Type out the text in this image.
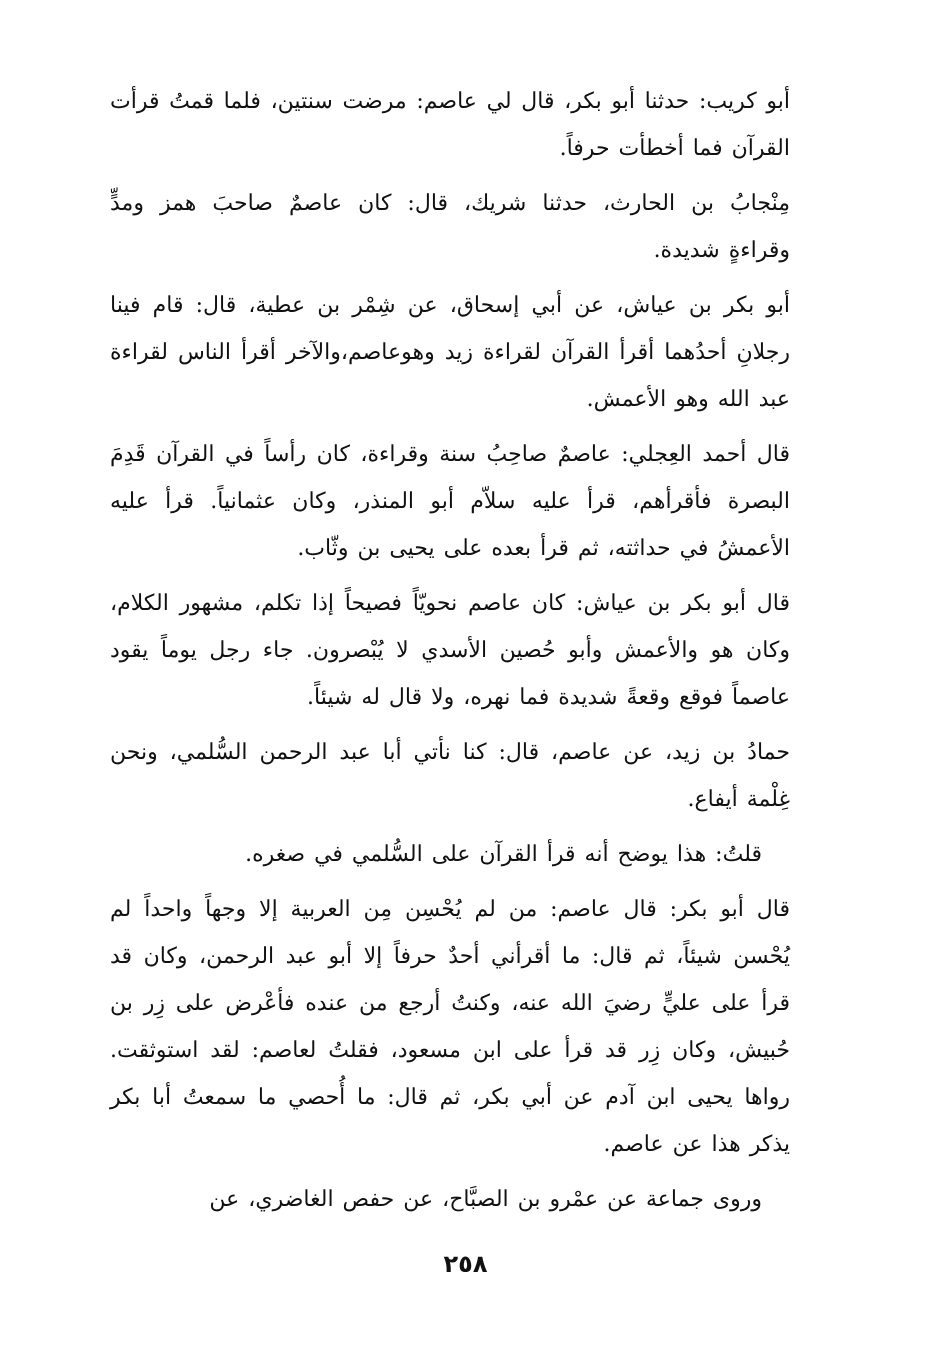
أبو كريب: حدثنا أبو بكر، قال لي عاصم: مرضت سنتين، فلما قمتُ قرأت القرآن فما أخطأت حرفاً.

مِنْجابُ بن الحارث، حدثنا شريك، قال: كان عاصمٌ صاحبَ همز ومدٍّ وقراءةٍ شديدة.

أبو بكر بن عياش، عن أبي إسحاق، عن شِمْر بن عطية، قال: قام فينا رجلانِ أحدُهما أقرأ القرآن لقراءة زيد وهوعاصم،والآخر أقرأ الناس لقراءة عبد الله وهو الأعمش.

قال أحمد العِجلي: عاصمٌ صاحِبُ سنة وقراءة، كان رأساً في القرآن قَدِمَ البصرة فأقرأهم، قرأ عليه سلاّم أبو المنذر، وكان عثمانياً. قرأ عليه الأعمشُ في حداثته، ثم قرأ بعده على يحيى بن وثّاب.

قال أبو بكر بن عياش: كان عاصم نحويّاً فصيحاً إذا تكلم، مشهور الكلام، وكان هو والأعمش وأبو حُصين الأسدي لا يُبْصرون. جاء رجل يوماً يقود عاصماً فوقع وقعةً شديدة فما نهره، ولا قال له شيئاً.

حمادُ بن زيد، عن عاصم، قال: كنا نأتي أبا عبد الرحمن السُّلمي، ونحن غِلْمة أيفاع.

قلتُ: هذا يوضح أنه قرأ القرآن على السُّلمي في صغره.

قال أبو بكر: قال عاصم: من لم يُحْسِن مِن العربية إلا وجهاً واحداً لم يُحْسن شيئاً، ثم قال: ما أقرأني أحدٌ حرفاً إلا أبو عبد الرحمن، وكان قد قرأ على عليٍّ رضيَ الله عنه، وكنتُ أرجع من عنده فأعْرض على زِر بن حُبيش، وكان زِر قد قرأ على ابن مسعود، فقلتُ لعاصم: لقد استوثقت. رواها يحيى ابن آدم عن أبي بكر، ثم قال: ما أُحصي ما سمعتُ أبا بكر يذكر هذا عن عاصم.

وروى جماعة عن عمْرو بن الصبَّاح، عن حفص الغاضري، عن

٢٥٨
